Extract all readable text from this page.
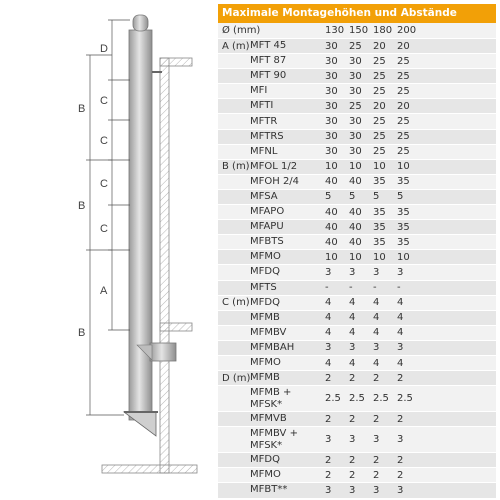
D
C
C
B
C
C
B
A
B
Maximale Montagehöhen und Abstände
Ø (mm)	130 150 180 200
A (m) MFT 45	30	25	20	20
MFT 87	30	30	25	25
MFT 90	30	30	25	25
MFI	30	30	25	25
MFTI	30	25	20	20
MFTR	30	30	25	25
MFTRS	30	30	25	25
MFNL	30	30	25	25
B (m) MFOL 1/2	10	10	10	10
MFOH 2/4	40	40	35	35
MFSA	5	5	5	5
MFAPO	40	40	35	35
MFAPU	40	40	35	35
MFBTS	40	40	35	35
MFMO	10	10	10	10
MFDQ	3	3	3	3
MFTS	-	-	-	-
C (m) MFDQ	4	4	4	4
MFMB	4	4	4	4
MFMBV	4	4	4	4
MFMBAH	3	3	3	3
MFMO	4	4	4	4
D (m) MFMB	2	2	2	2
MFMB + MFSK*	2.5 2.5 2.5 2.5
MFMVB	2	2	2	2
MFMBV + MFSK*	3	3	3	3
MFDQ	2	2	2	2
MFMO	2	2	2	2
MFBT**	3	3	3	3
